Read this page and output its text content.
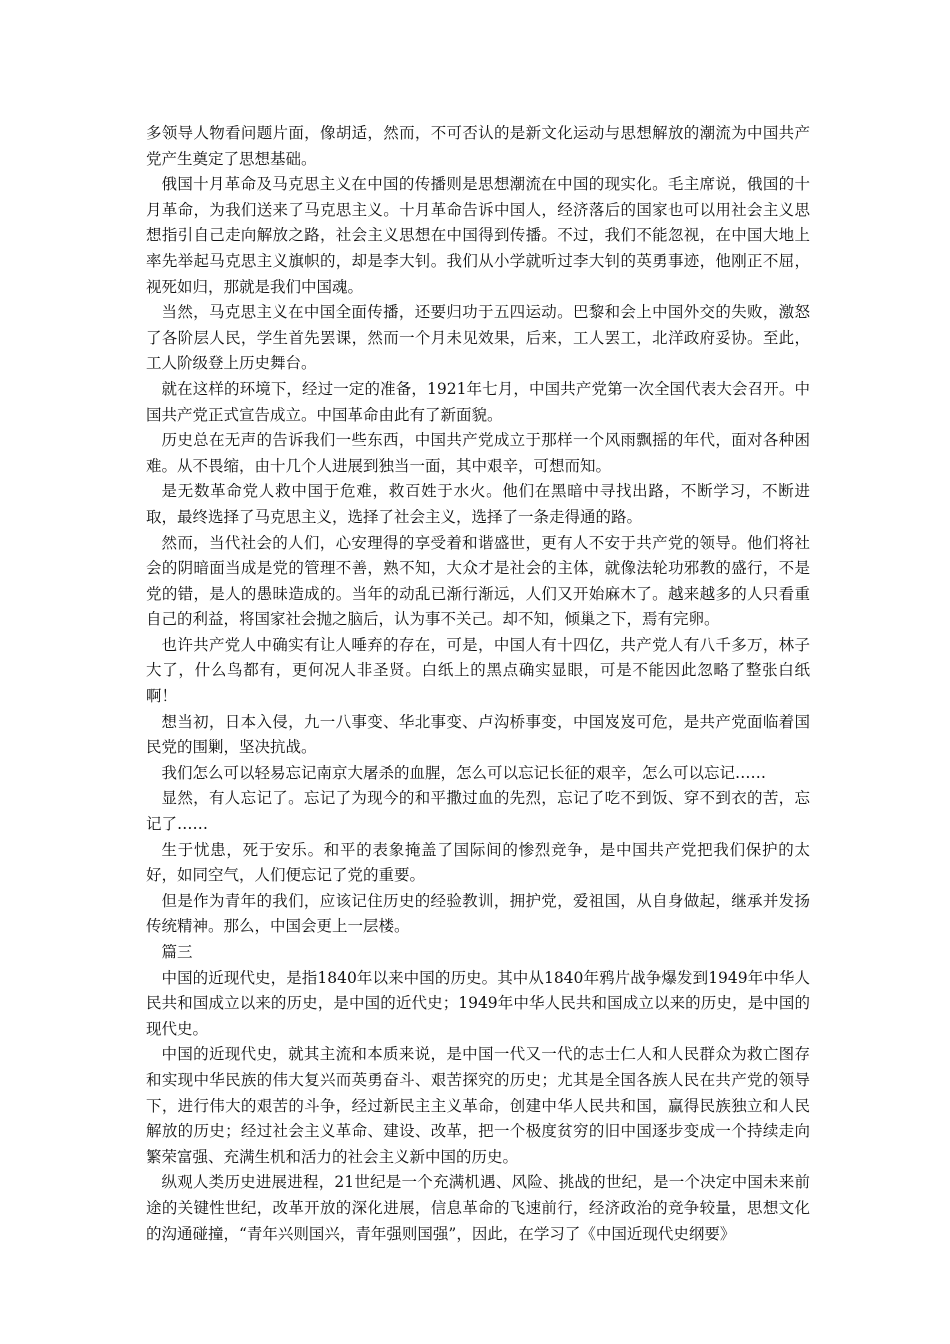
多领导人物看问题片面，像胡适，然而，不可否认的是新文化运动与思想解放的潮流为中国共产党产生奠定了思想基础。

俄国十月革命及马克思主义在中国的传播则是思想潮流在中国的现实化。毛主席说，俄国的十月革命，为我们送来了马克思主义。十月革命告诉中国人，经济落后的国家也可以用社会主义思想指引自己走向解放之路，社会主义思想在中国得到传播。不过，我们不能忽视，在中国大地上率先举起马克思主义旗帜的，却是李大钊。我们从小学就听过李大钊的英勇事迹，他刚正不屈，视死如归，那就是我们中国魂。

当然，马克思主义在中国全面传播，还要归功于五四运动。巴黎和会上中国外交的失败，激怒了各阶层人民，学生首先罢课，然而一个月未见效果，后来，工人罢工，北洋政府妥协。至此，工人阶级登上历史舞台。

就在这样的环境下，经过一定的准备，1921年七月，中国共产党第一次全国代表大会召开。中国共产党正式宣告成立。中国革命由此有了新面貌。

历史总在无声的告诉我们一些东西，中国共产党成立于那样一个风雨飘摇的年代，面对各种困难。从不畏缩，由十几个人进展到独当一面，其中艰辛，可想而知。

是无数革命党人救中国于危难，救百姓于水火。他们在黑暗中寻找出路，不断学习，不断进取，最终选择了马克思主义，选择了社会主义，选择了一条走得通的路。

然而，当代社会的人们，心安理得的享受着和谐盛世，更有人不安于共产党的领导。他们将社会的阴暗面当成是党的管理不善，熟不知，大众才是社会的主体，就像法轮功邪教的盛行，不是党的错，是人的愚昧造成的。当年的动乱已渐行渐远，人们又开始麻木了。越来越多的人只看重自己的利益，将国家社会抛之脑后，认为事不关己。却不知，倾巢之下，焉有完卵。

也许共产党人中确实有让人唾弃的存在，可是，中国人有十四亿，共产党人有八千多万，林子大了，什么鸟都有，更何况人非圣贤。白纸上的黑点确实显眼，可是不能因此忽略了整张白纸啊！

想当初，日本入侵，九一八事变、华北事变、卢沟桥事变，中国岌岌可危，是共产党面临着国民党的围剿，坚决抗战。

我们怎么可以轻易忘记南京大屠杀的血腥，怎么可以忘记长征的艰辛，怎么可以忘记……

显然，有人忘记了。忘记了为现今的和平撒过血的先烈，忘记了吃不到饭、穿不到衣的苦，忘记了……

生于忧患，死于安乐。和平的表象掩盖了国际间的惨烈竞争，是中国共产党把我们保护的太好，如同空气，人们便忘记了党的重要。

但是作为青年的我们，应该记住历史的经验教训，拥护党，爱祖国，从自身做起，继承并发扬传统精神。那么，中国会更上一层楼。

篇三

中国的近现代史，是指1840年以来中国的历史。其中从1840年鸦片战争爆发到1949年中华人民共和国成立以来的历史，是中国的近代史；1949年中华人民共和国成立以来的历史，是中国的现代史。

中国的近现代史，就其主流和本质来说，是中国一代又一代的志士仁人和人民群众为救亡图存和实现中华民族的伟大复兴而英勇奋斗、艰苦探究的历史；尤其是全国各族人民在共产党的领导下，进行伟大的艰苦的斗争，经过新民主主义革命，创建中华人民共和国，赢得民族独立和人民解放的历史；经过社会主义革命、建设、改革，把一个极度贫穷的旧中国逐步变成一个持续走向繁荣富强、充满生机和活力的社会主义新中国的历史。

纵观人类历史进展进程，21世纪是一个充满机遇、风险、挑战的世纪，是一个决定中国未来前途的关键性世纪，改革开放的深化进展，信息革命的飞速前行，经济政治的竞争较量，思想文化的沟通碰撞，“青年兴则国兴，青年强则国强”，因此，在学习了《中国近现代史纲要》
